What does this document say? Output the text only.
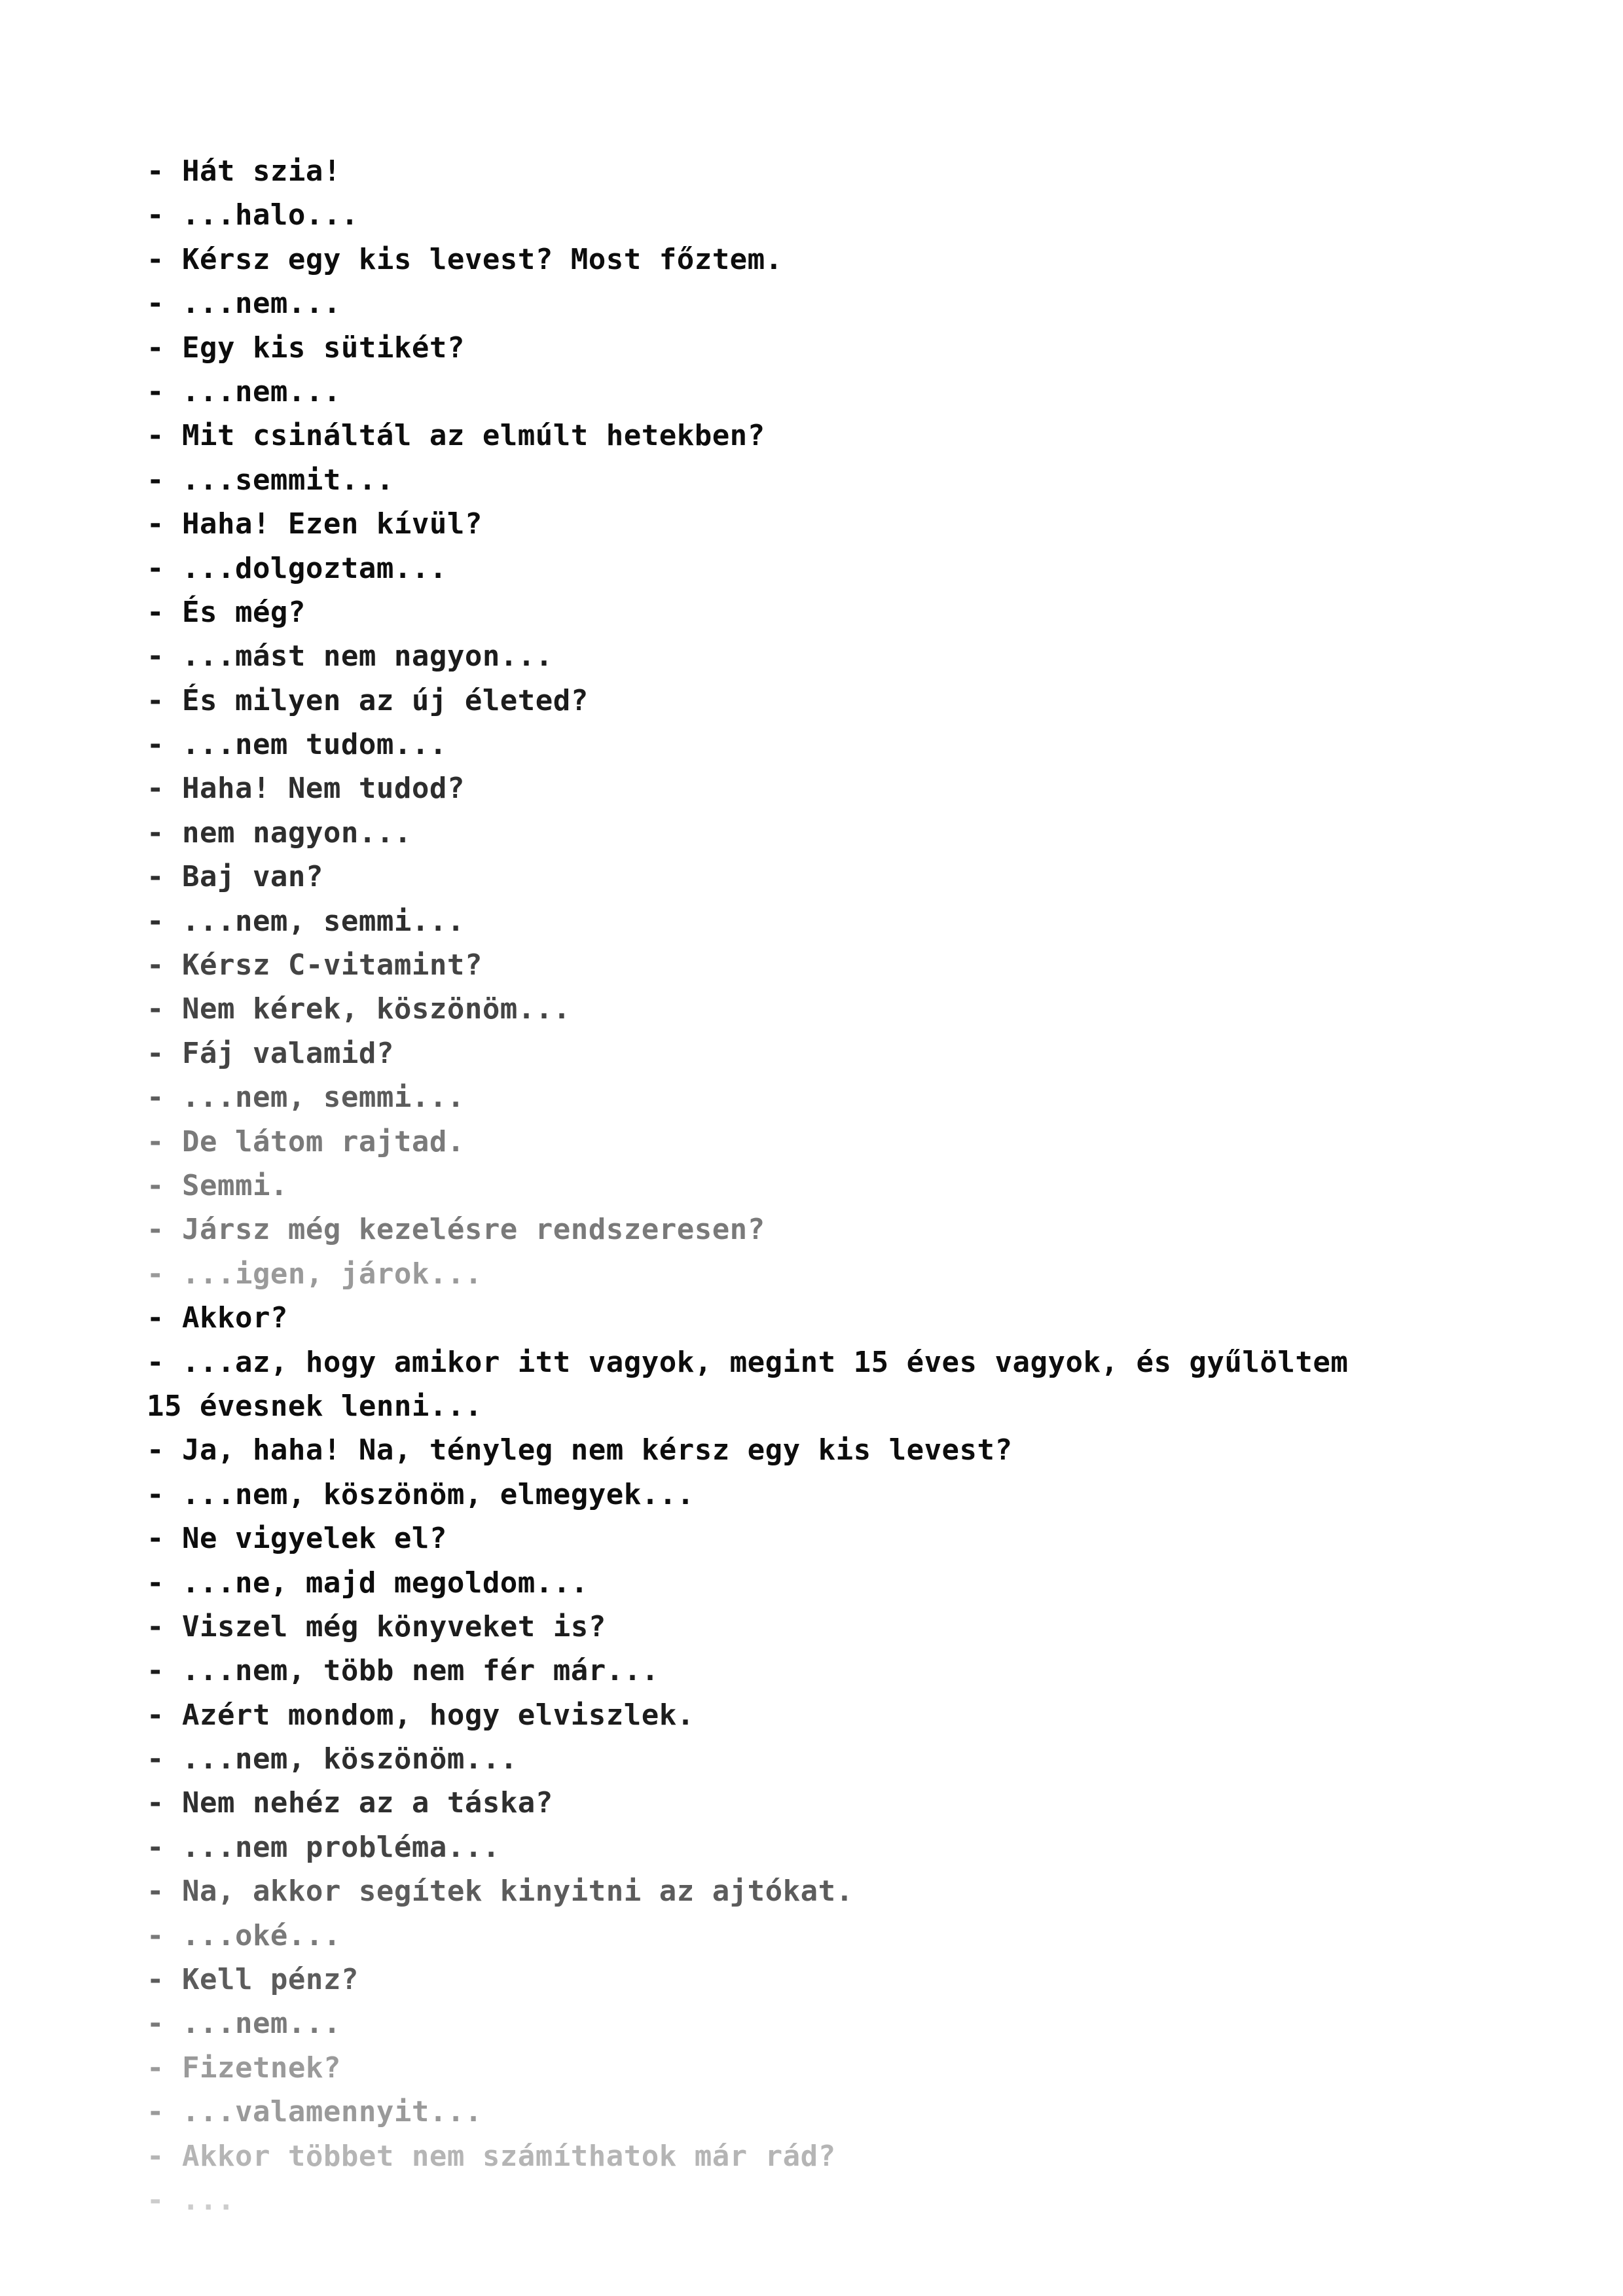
- Hát szia!
- ...halo...
- Kérsz egy kis levest? Most főztem.
- ...nem...
- Egy kis sütikét?
- ...nem...
- Mit csináltál az elmúlt hetekben?
- ...semmit...
- Haha! Ezen kívül?
- ...dolgoztam...
- És még?
- ...mást nem nagyon...
- És milyen az új életed?
- ...nem tudom...
- Haha! Nem tudod?
- nem nagyon...
- Baj van?
- ...nem, semmi...
- Kérsz C-vitamint?
- Nem kérek, köszönöm...
- Fáj valamid?
- ...nem, semmi...
- De látom rajtad.
- Semmi.
- Jársz még kezelésre rendszeresen?
- ...igen, járok...
- Akkor?
- ...az, hogy amikor itt vagyok, megint 15 éves vagyok, és gyűlöltem
15 évesnek lenni...
- Ja, haha! Na, tényleg nem kérsz egy kis levest?
- ...nem, köszönöm, elmegyek...
- Ne vigyelek el?
- ...ne, majd megoldom...
- Viszel még könyveket is?
- ...nem, több nem fér már...
- Azért mondom, hogy elviszlek.
- ...nem, köszönöm...
- Nem nehéz az a táska?
- ...nem probléma...
- Na, akkor segítek kinyitni az ajtókat.
- ...oké...
- Kell pénz?
- ...nem...
- Fizetnek?
- ...valamennyit...
- Akkor többet nem számíthatok már rád?
- ...
